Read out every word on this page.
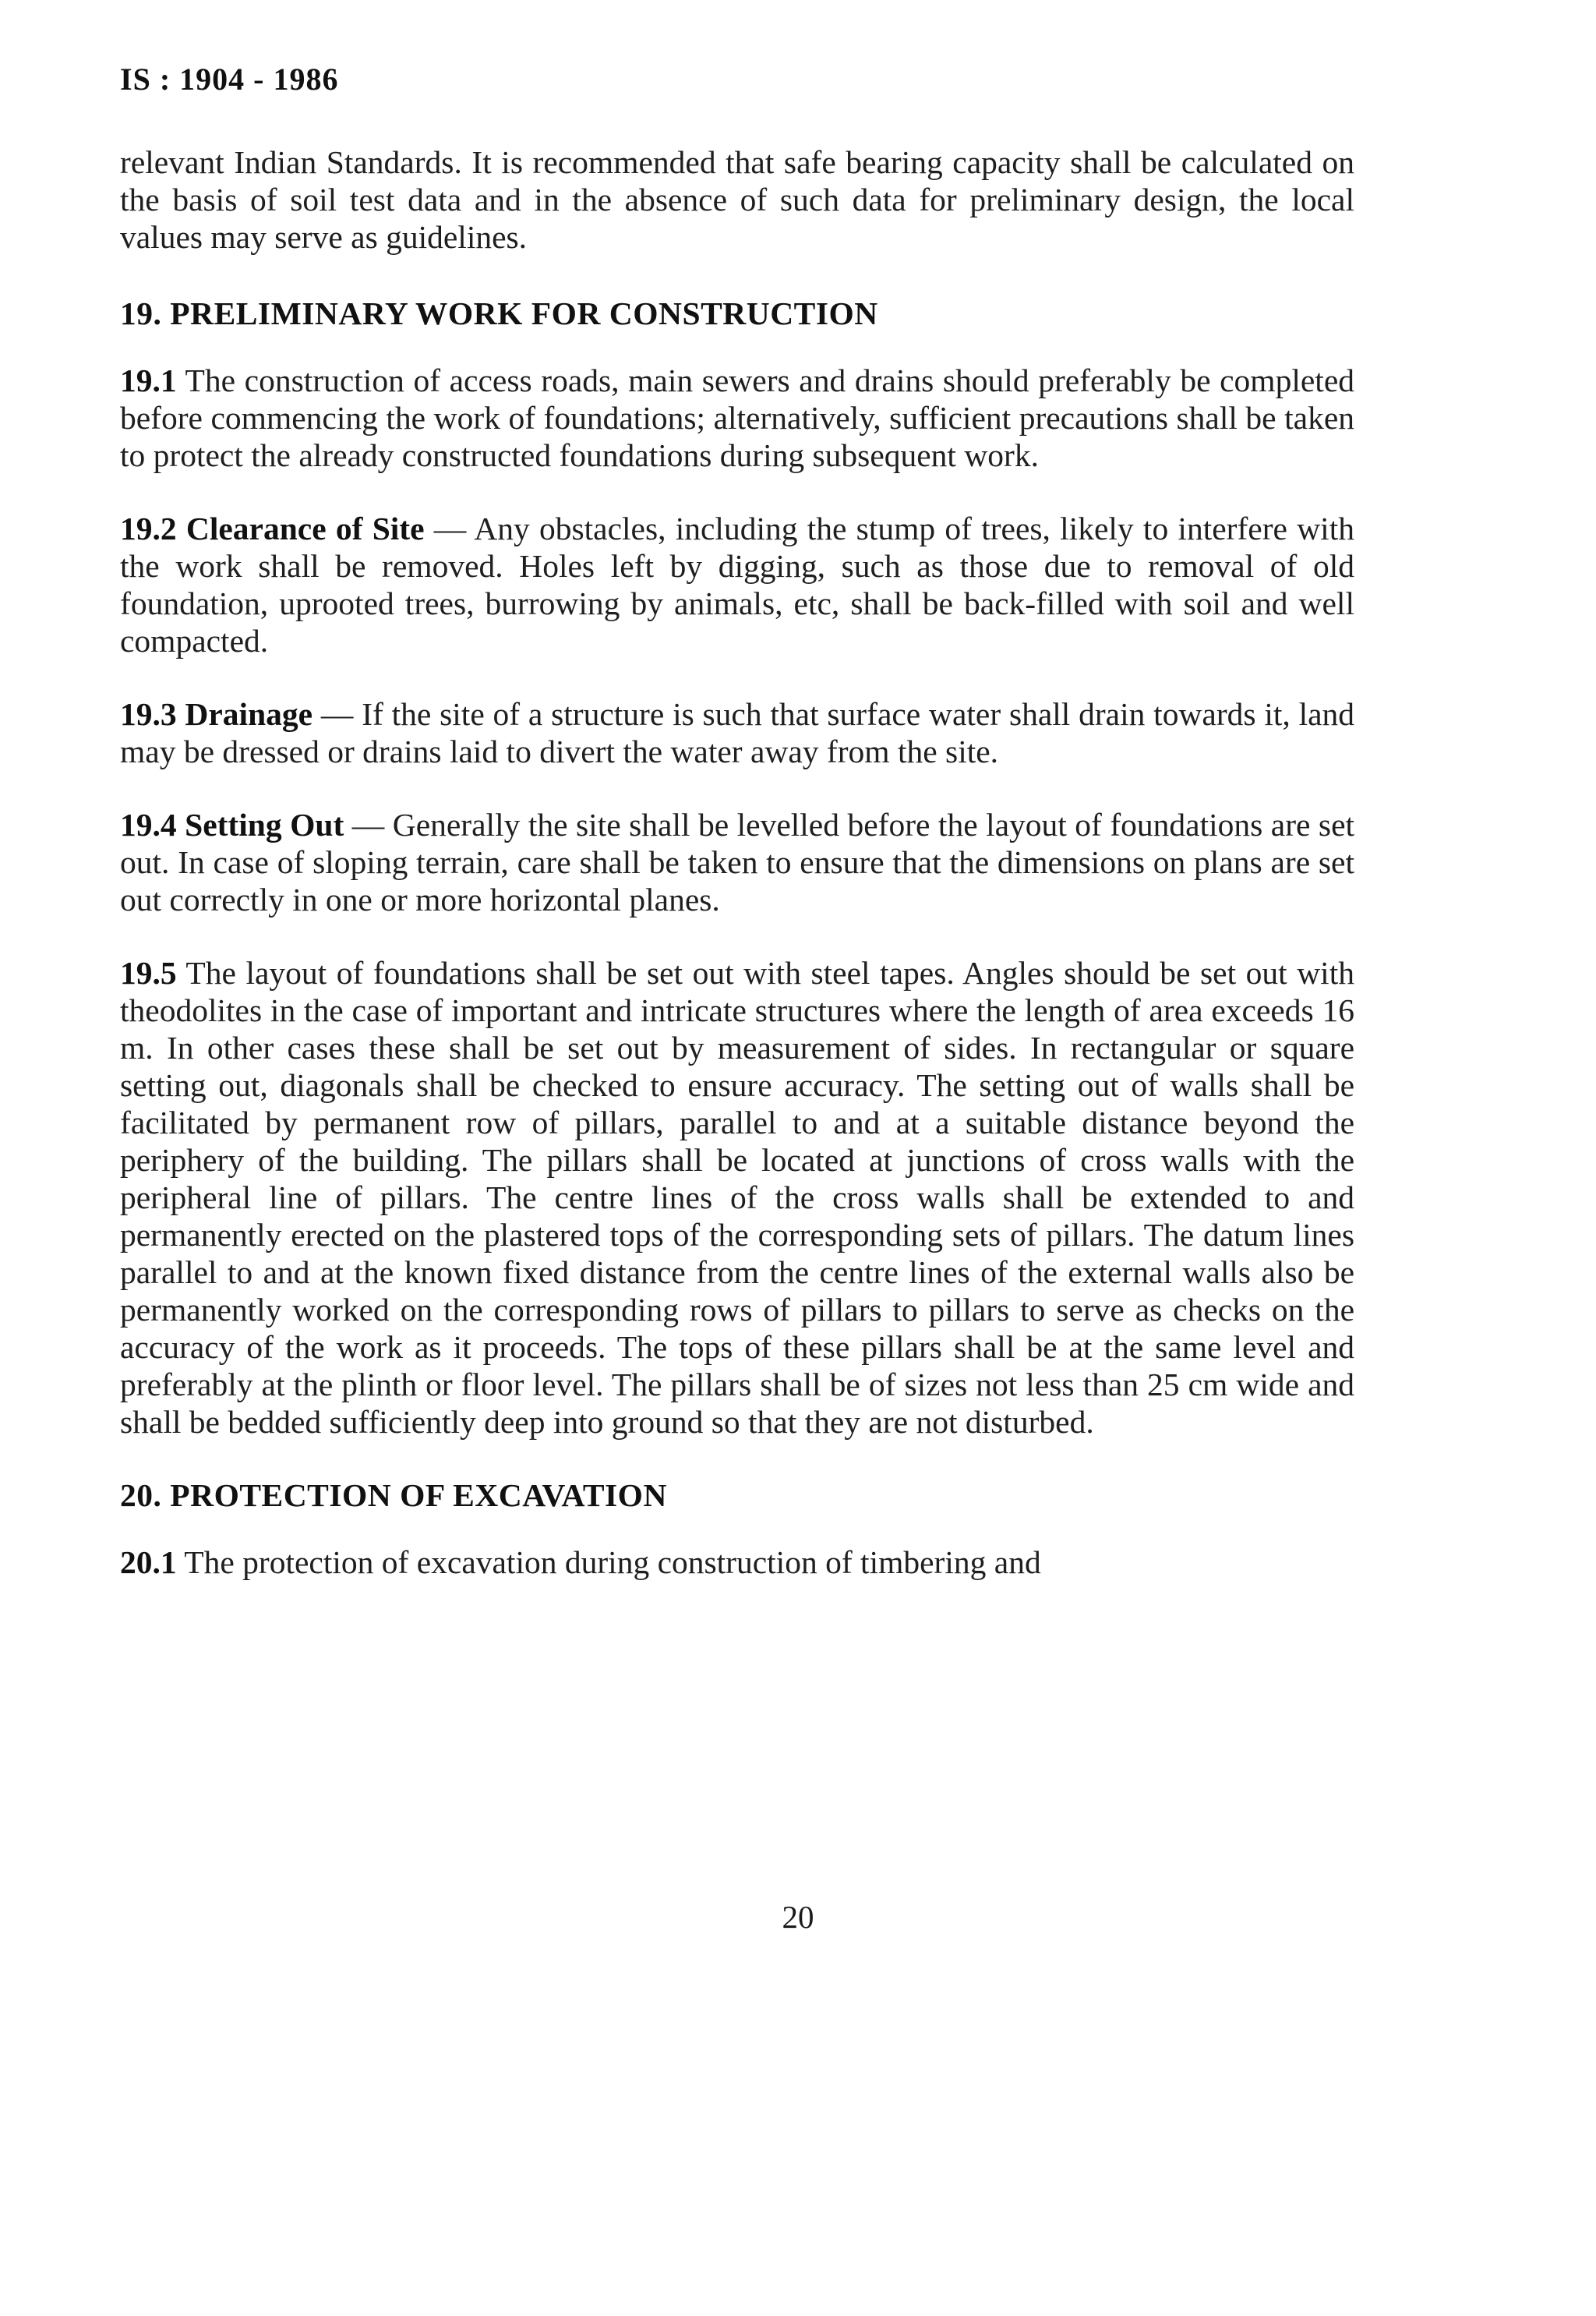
IS : 1904 - 1986

relevant Indian Standards. It is recommended that safe bearing capacity shall be calculated on the basis of soil test data and in the absence of such data for preliminary design, the local values may serve as guidelines.

19. PRELIMINARY WORK FOR CONSTRUCTION

19.1 The construction of access roads, main sewers and drains should preferably be completed before commencing the work of foundations; alternatively, sufficient precautions shall be taken to protect the already constructed foundations during subsequent work.

19.2 Clearance of Site — Any obstacles, including the stump of trees, likely to interfere with the work shall be removed. Holes left by digging, such as those due to removal of old foundation, uprooted trees, burrowing by animals, etc, shall be back-filled with soil and well compacted.

19.3 Drainage — If the site of a structure is such that surface water shall drain towards it, land may be dressed or drains laid to divert the water away from the site.

19.4 Setting Out — Generally the site shall be levelled before the layout of foundations are set out. In case of sloping terrain, care shall be taken to ensure that the dimensions on plans are set out correctly in one or more horizontal planes.

19.5 The layout of foundations shall be set out with steel tapes. Angles should be set out with theodolites in the case of important and intricate structures where the length of area exceeds 16 m. In other cases these shall be set out by measurement of sides. In rectangular or square setting out, diagonals shall be checked to ensure accuracy. The setting out of walls shall be facilitated by permanent row of pillars, parallel to and at a suitable distance beyond the periphery of the building. The pillars shall be located at junctions of cross walls with the peripheral line of pillars. The centre lines of the cross walls shall be extended to and permanently erected on the plastered tops of the corresponding sets of pillars. The datum lines parallel to and at the known fixed distance from the centre lines of the external walls also be permanently worked on the corresponding rows of pillars to pillars to serve as checks on the accuracy of the work as it proceeds. The tops of these pillars shall be at the same level and preferably at the plinth or floor level. The pillars shall be of sizes not less than 25 cm wide and shall be bedded sufficiently deep into ground so that they are not disturbed.

20. PROTECTION OF EXCAVATION

20.1 The protection of excavation during construction of timbering and

20
